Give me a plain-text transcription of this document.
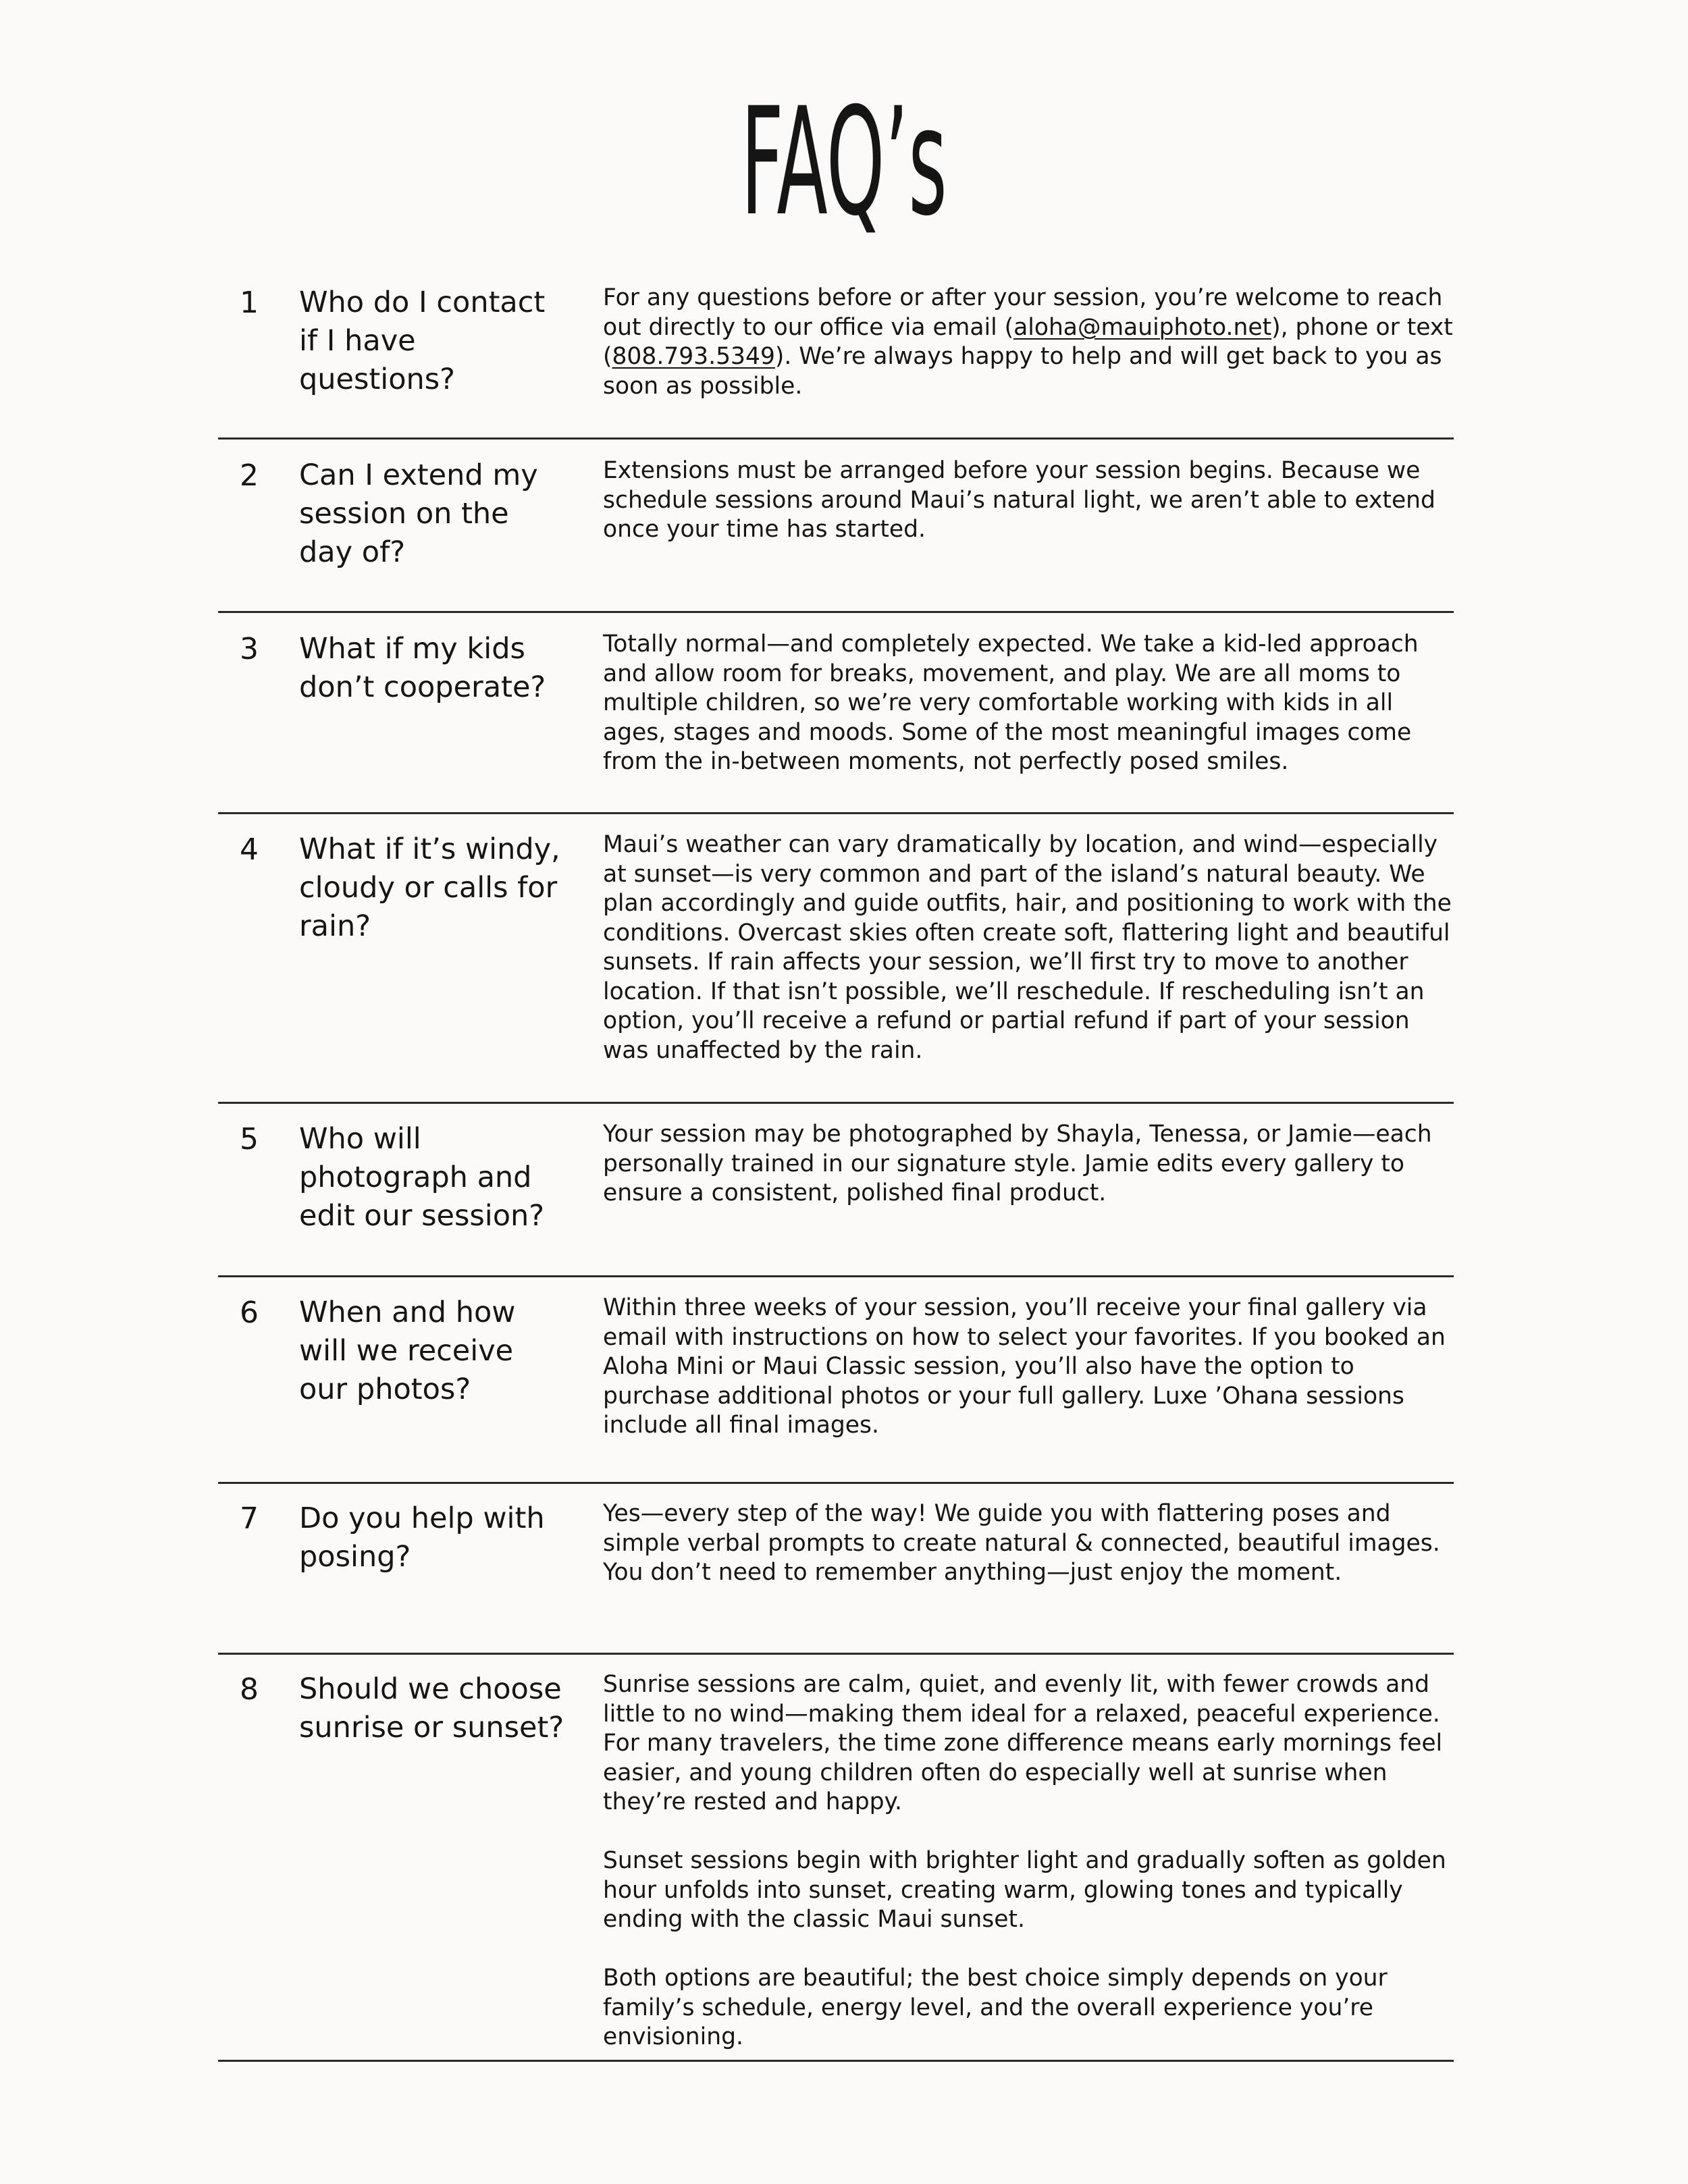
FAQ’s
1 Who do I contact if I have questions?
For any questions before or after your session, you’re welcome to reach out directly to our office via email (aloha@mauiphoto.net), phone or text (808.793.5349). We’re always happy to help and will get back to you as soon as possible.
2 Can I extend my session on the day of?
Extensions must be arranged before your session begins. Because we schedule sessions around Maui’s natural light, we aren’t able to extend once your time has started.
3 What if my kids don’t cooperate?
Totally normal—and completely expected. We take a kid-led approach and allow room for breaks, movement, and play. We are all moms to multiple children, so we’re very comfortable working with kids in all ages, stages and moods. Some of the most meaningful images come from the in-between moments, not perfectly posed smiles.
4 What if it’s windy, cloudy or calls for rain?
Maui’s weather can vary dramatically by location, and wind—especially at sunset—is very common and part of the island’s natural beauty. We plan accordingly and guide outfits, hair, and positioning to work with the conditions. Overcast skies often create soft, flattering light and beautiful sunsets. If rain affects your session, we’ll first try to move to another location. If that isn’t possible, we’ll reschedule. If rescheduling isn’t an option, you’ll receive a refund or partial refund if part of your session was unaffected by the rain.
5 Who will photograph and edit our session?
Your session may be photographed by Shayla, Tenessa, or Jamie—each personally trained in our signature style. Jamie edits every gallery to ensure a consistent, polished final product.
6 When and how will we receive our photos?
Within three weeks of your session, you’ll receive your final gallery via email with instructions on how to select your favorites. If you booked an Aloha Mini or Maui Classic session, you’ll also have the option to purchase additional photos or your full gallery. Luxe ’Ohana sessions include all final images.
7 Do you help with posing?
Yes—every step of the way! We guide you with flattering poses and simple verbal prompts to create natural & connected, beautiful images. You don’t need to remember anything—just enjoy the moment.
8 Should we choose sunrise or sunset?

Sunrise sessions are calm, quiet, and evenly lit, with fewer crowds and little to no wind—making them ideal for a relaxed, peaceful experience. For many travelers, the time zone difference means early mornings feel easier, and young children often do especially well at sunrise when they’re rested and happy.

Sunset sessions begin with brighter light and gradually soften as golden hour unfolds into sunset, creating warm, glowing tones and typically ending with the classic Maui sunset.

Both options are beautiful; the best choice simply depends on your family’s schedule, energy level, and the overall experience you’re envisioning.
